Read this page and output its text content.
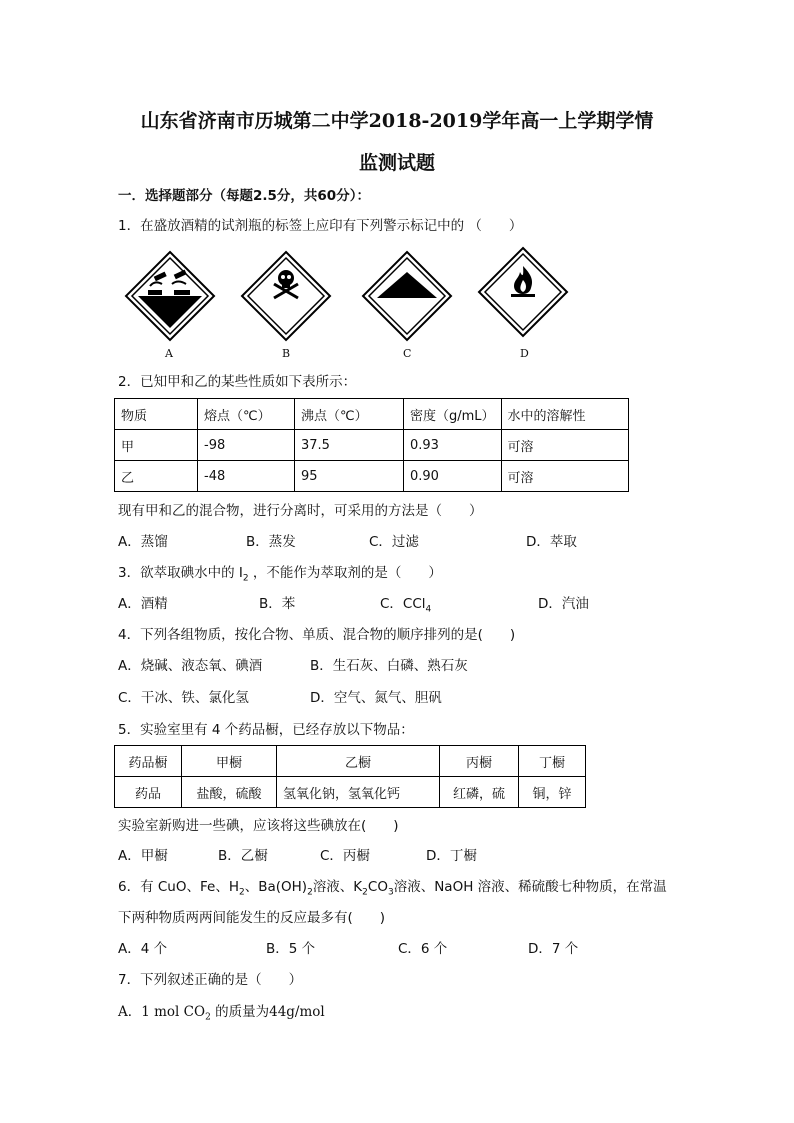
山东省济南市历城第二中学2018-2019学年高一上学期学情
监测试题
一．选择题部分（每题2.5分，共60分）：
1．在盛放酒精的试剂瓶的标签上应印有下列警示标记中的 （　　）
A	B	C	D
2．已知甲和乙的某些性质如下表所示：
物质	熔点（℃）	沸点（℃）	密度（g/mL）	水中的溶解性
甲	-98	37.5	0.93	可溶
乙	-48	95	0.90	可溶
现有甲和乙的混合物，进行分离时，可采用的方法是（　　）
A．蒸馏	B．蒸发	C．过滤	D．萃取
3．欲萃取碘水中的 $I_2$ ，不能作为萃取剂的是（　　）
A．酒精	B．苯	C．CCl$_4$	D．汽油
4．下列各组物质，按化合物、单质、混合物的顺序排列的是(　　)
A．烧碱、液态氧、碘酒	B．生石灰、白磷、熟石灰
C．干冰、铁、氯化氢	D．空气、氮气、胆矾
5．实验室里有 4 个药品橱，已经存放以下物品：
药品橱	甲橱	乙橱	丙橱	丁橱
药品	盐酸，硫酸	氢氧化钠，氢氧化钙	红磷，硫	铜，锌
实验室新购进一些碘，应该将这些碘放在(　　)
A．甲橱	B．乙橱	C．丙橱	D．丁橱
6．有 CuO、Fe、$H_2$、$Ba(OH)_2$溶液、$K_2CO_3$溶液、NaOH 溶液、稀硫酸七种物质，在常温
下两种物质两两间能发生的反应最多有(　　)
A．4 个	B．5 个	C．6 个	D．7 个
7．下列叙述正确的是（　　）
A．1 mol $CO_2$ 的质量为44g/mol
